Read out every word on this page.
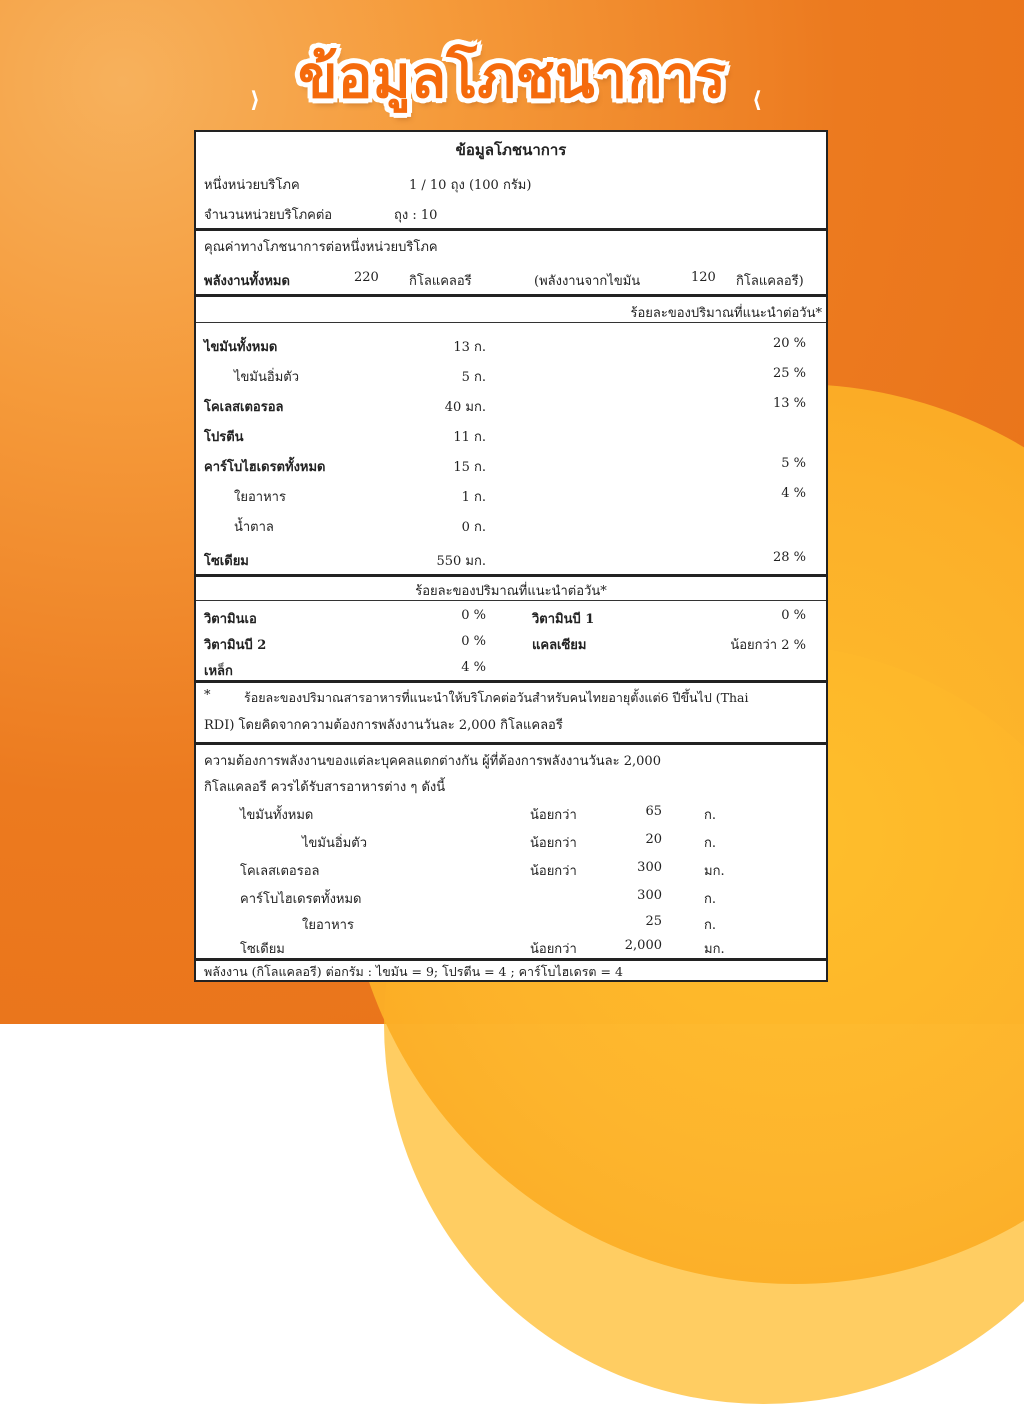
ข้อมูลโภชนาการ
⟩	⟨
ข้อมูลโภชนาการ
หนึ่งหน่วยบริโภค	1 / 10 ถุง (100 กรัม)
จำนวนหน่วยบริโภคต่อ	ถุง : 10
คุณค่าทางโภชนาการต่อหนึ่งหน่วยบริโภค
พลังงานทั้งหมด	220 กิโลแคลอรี	(พลังงานจากไขมัน	120 กิโลแคลอรี)
ร้อยละของปริมาณที่แนะนำต่อวัน*
ไขมันทั้งหมด	13 ก.	20 %
ไขมันอิ่มตัว	5 ก.	25 %
โคเลสเตอรอล	40 มก.	13 %
โปรตีน	11 ก.
คาร์โบไฮเดรตทั้งหมด	15 ก.	5 %
ใยอาหาร	1 ก.	4 %
น้ำตาล	0 ก.
โซเดียม	550 มก.	28 %
ร้อยละของปริมาณที่แนะนำต่อวัน*
วิตามินเอ	0 %	วิตามินบี 1	0 %
วิตามินบี 2	0 %	แคลเซียม	น้อยกว่า 2 %
เหล็ก	4 %
*	ร้อยละของปริมาณสารอาหารที่แนะนำให้บริโภคต่อวันสำหรับคนไทยอายุตั้งแต่6 ปีขึ้นไป (Thai
RDI) โดยคิดจากความต้องการพลังงานวันละ 2,000 กิโลแคลอรี
ความต้องการพลังงานของแต่ละบุคคลแตกต่างกัน ผู้ที่ต้องการพลังงานวันละ 2,000
กิโลแคลอรี ควรได้รับสารอาหารต่าง ๆ ดังนี้
ไขมันทั้งหมด	น้อยกว่า	65	ก.
ไขมันอิ่มตัว	น้อยกว่า	20	ก.
โคเลสเตอรอล	น้อยกว่า	300	มก.
คาร์โบไฮเดรตทั้งหมด	300	ก.
ใยอาหาร	25	ก.
โซเดียม	น้อยกว่า	2,000	มก.
พลังงาน (กิโลแคลอรี) ต่อกรัม : ไขมัน = 9; โปรตีน = 4 ; คาร์โบไฮเดรต = 4
